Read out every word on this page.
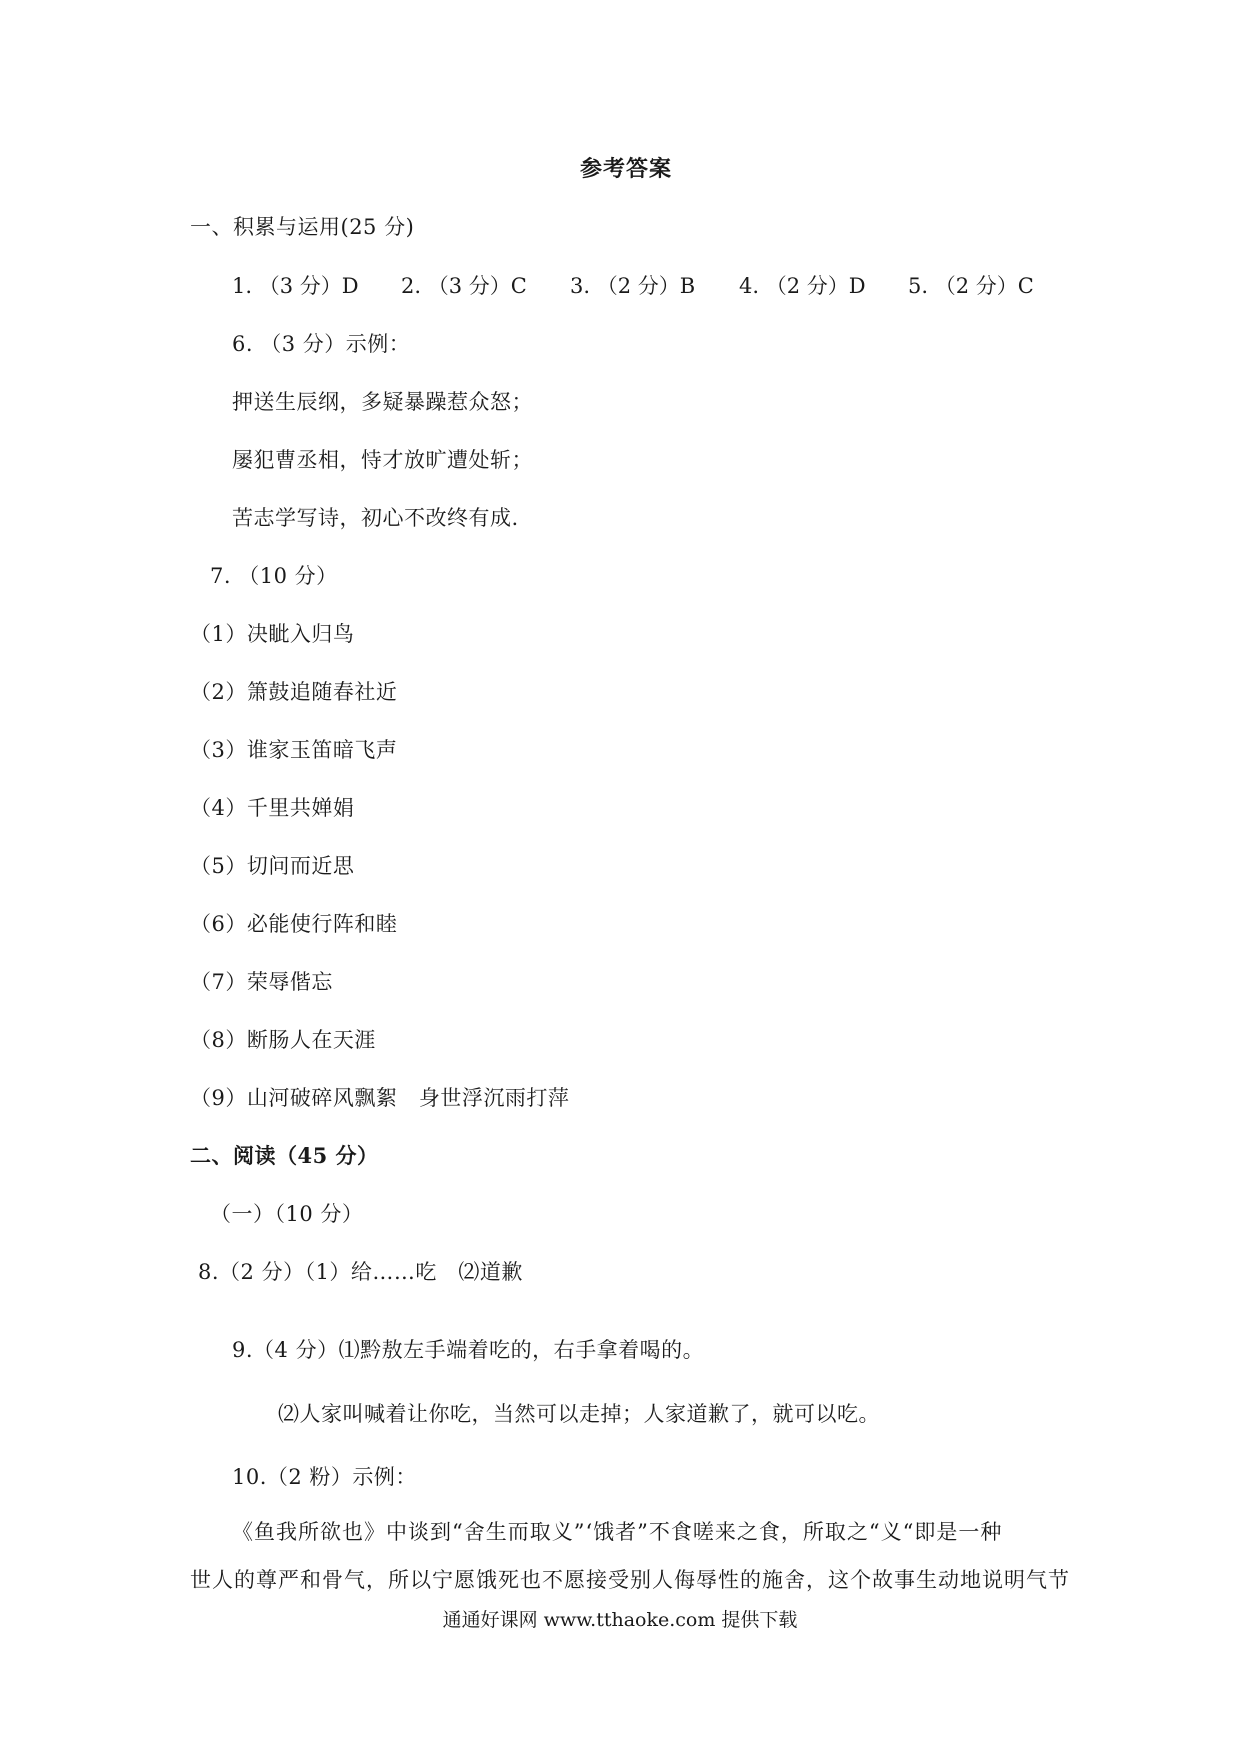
参考答案
一、积累与运用(25 分)
1. （3 分）D 2. （3 分）C 3. （2 分）B 4. （2 分）D 5. （2 分）C
6. （3 分）示例：
押送生辰纲，多疑暴躁惹众怒；
屡犯曹丞相，恃才放旷遭处斩；
苦志学写诗，初心不改终有成.
7. （10 分）
（1）决眦入归鸟
（2）箫鼓追随春社近
（3）谁家玉笛暗飞声
（4）千里共婵娟
（5）切问而近思
（6）必能使行阵和睦
（7）荣辱偕忘
（8）断肠人在天涯
（9）山河破碎风飘絮　身世浮沉雨打萍
二、阅读（45 分）
（一）（10 分）
8.（2 分）（1）给……吃　⑵道歉
9.（4 分）⑴黔敖左手端着吃的，右手拿着喝的。
⑵人家叫喊着让你吃，当然可以走掉；人家道歉了，就可以吃。
10.（2 粉）示例：
《鱼我所欲也》中谈到“舍生而取义”‘饿者”不食嗟来之食，所取之“义“即是一种
世人的尊严和骨气，所以宁愿饿死也不愿接受别人侮辱性的施舍，这个故事生动地说明气节
通通好课网 www.tthaoke.com 提供下载
